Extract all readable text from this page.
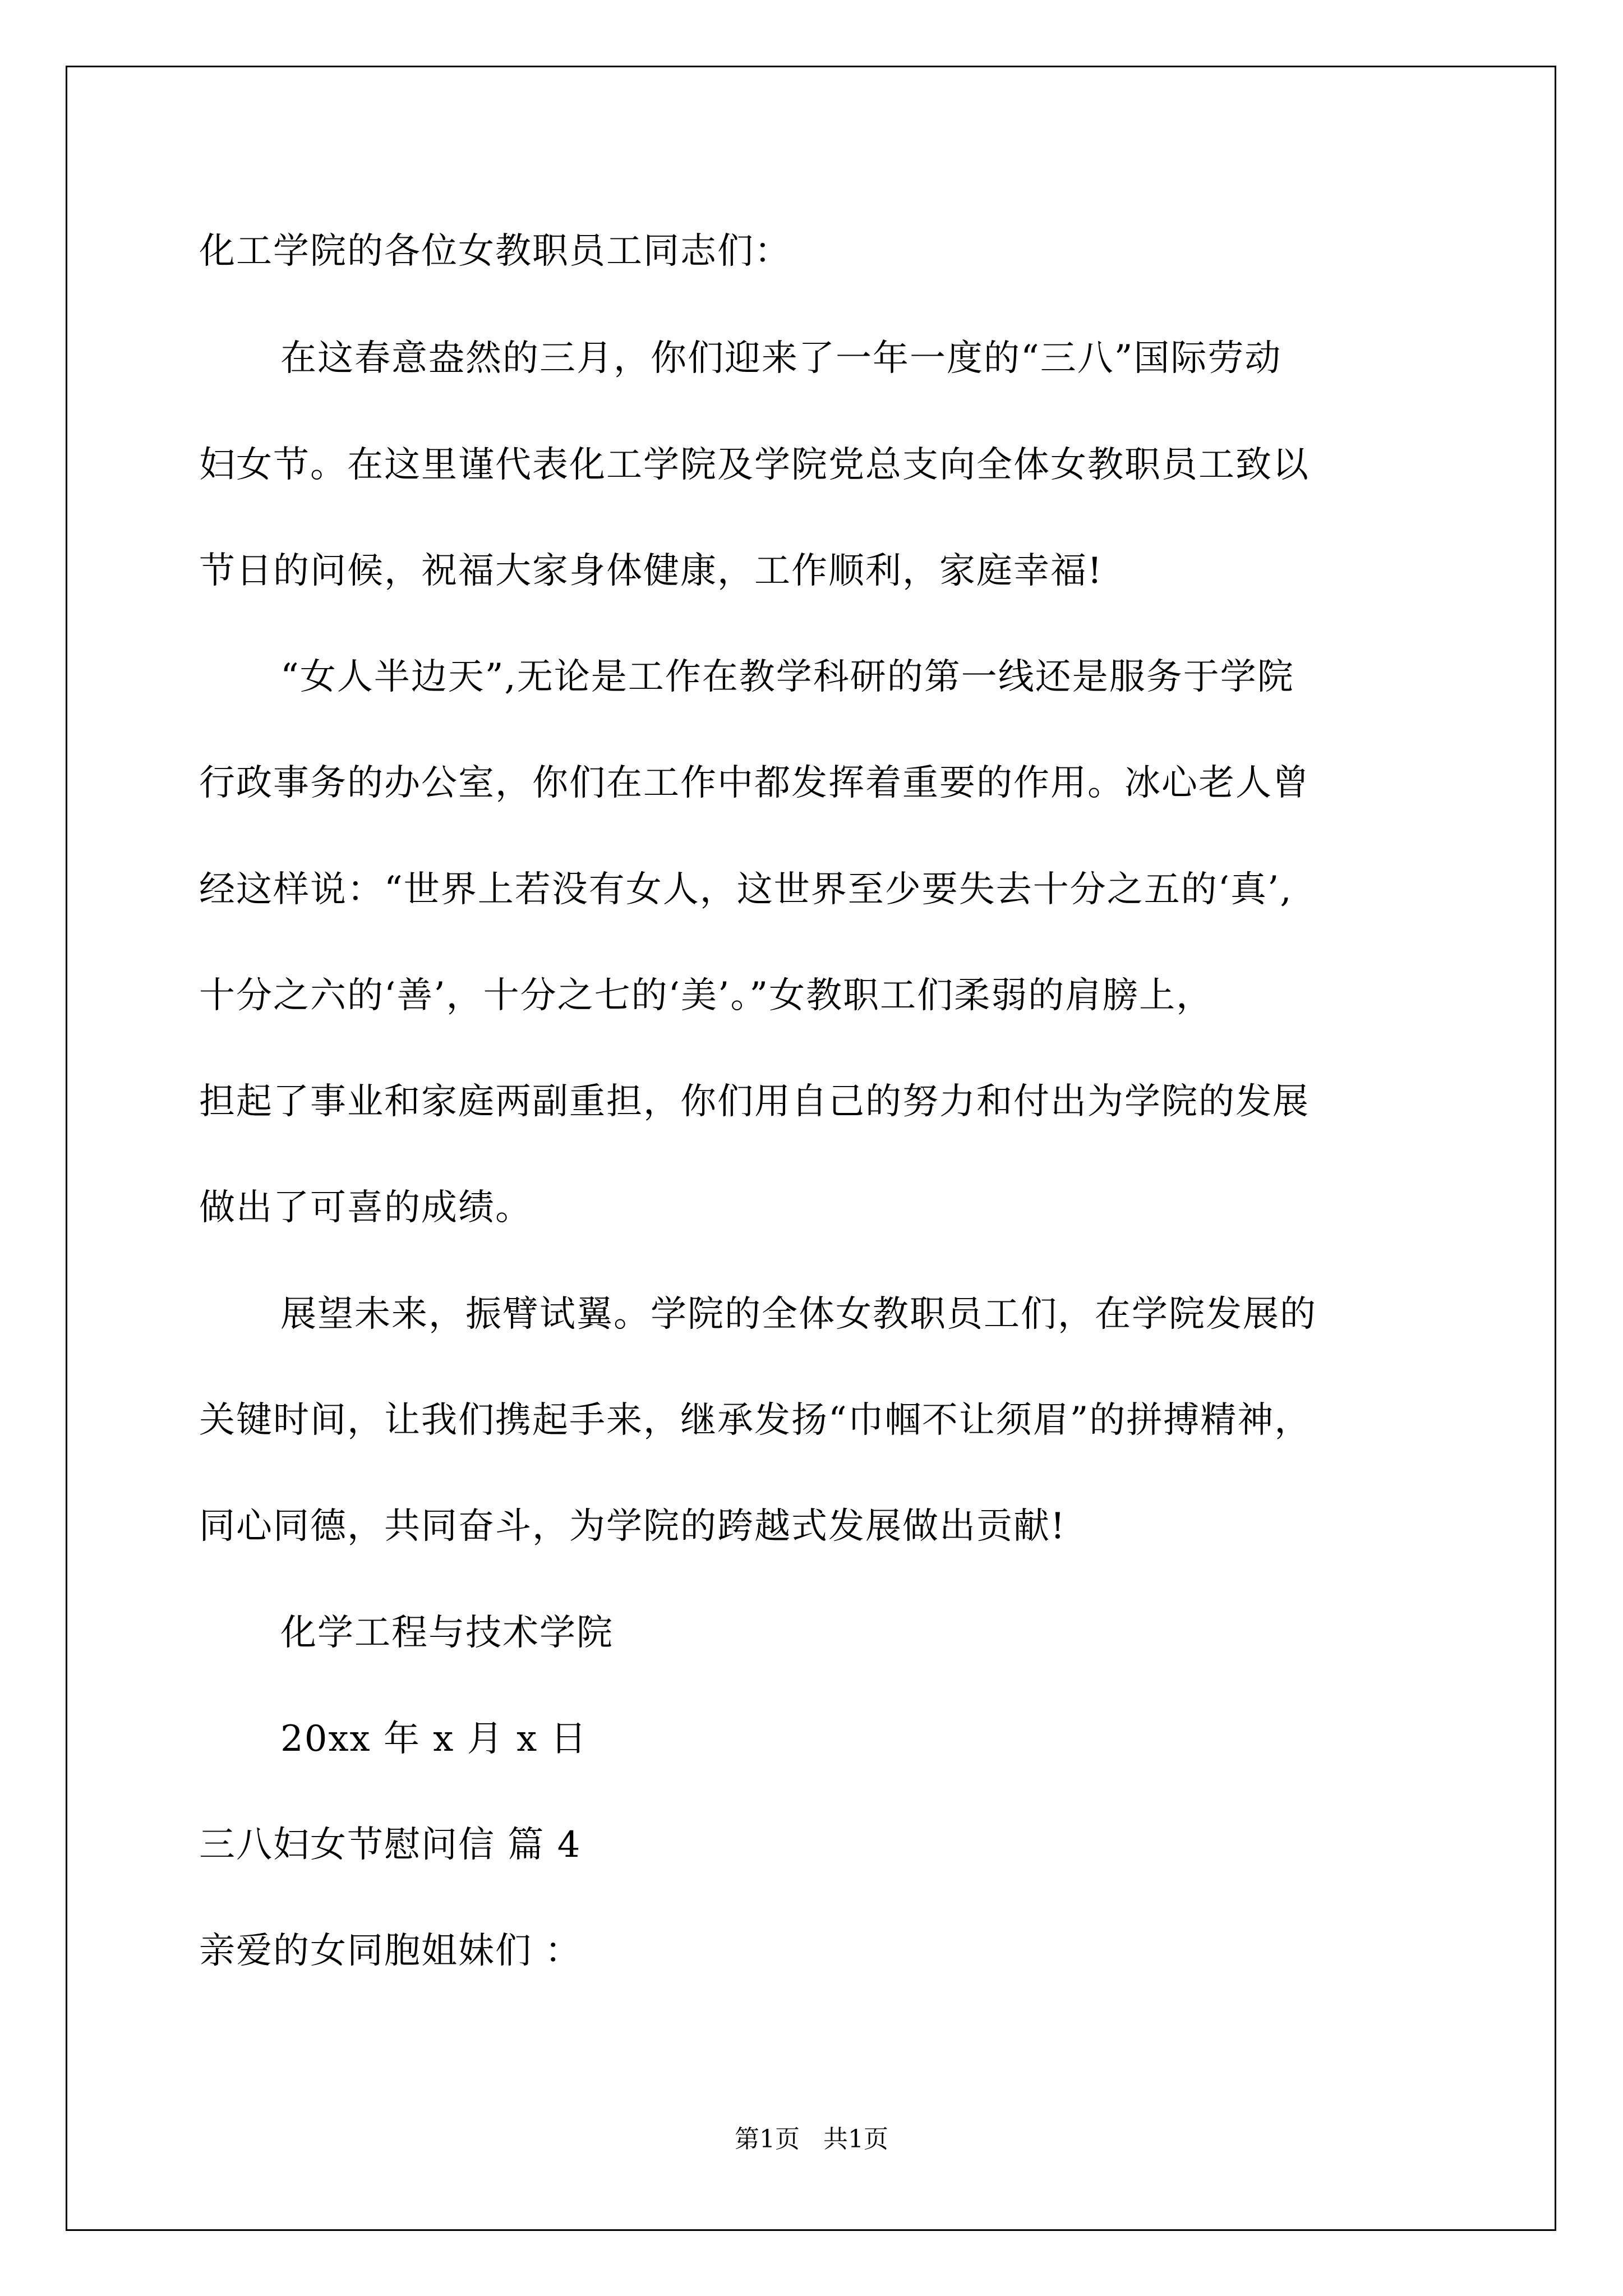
化工学院的各位女教职员工同志们：
在这春意盎然的三月，你们迎来了一年一度的“三八”国际劳动
妇女节。在这里谨代表化工学院及学院党总支向全体女教职员工致以
节日的问候，祝福大家身体健康，工作顺利，家庭幸福!
“女人半边天”,无论是工作在教学科研的第一线还是服务于学院
行政事务的办公室，你们在工作中都发挥着重要的作用。冰心老人曾
经这样说：“世界上若没有女人，这世界至少要失去十分之五的‘真’,
十分之六的‘善’，十分之七的‘美’。”女教职工们柔弱的肩膀上，
担起了事业和家庭两副重担，你们用自己的努力和付出为学院的发展
做出了可喜的成绩。
展望未来，振臂试翼。学院的全体女教职员工们，在学院发展的
关键时间，让我们携起手来，继承发扬“巾帼不让须眉”的拼搏精神，
同心同德，共同奋斗，为学院的跨越式发展做出贡献!
化学工程与技术学院
20xx 年 x 月 x 日
三八妇女节慰问信 篇 4
亲爱的女同胞姐妹们 ：
第1页   共1页
